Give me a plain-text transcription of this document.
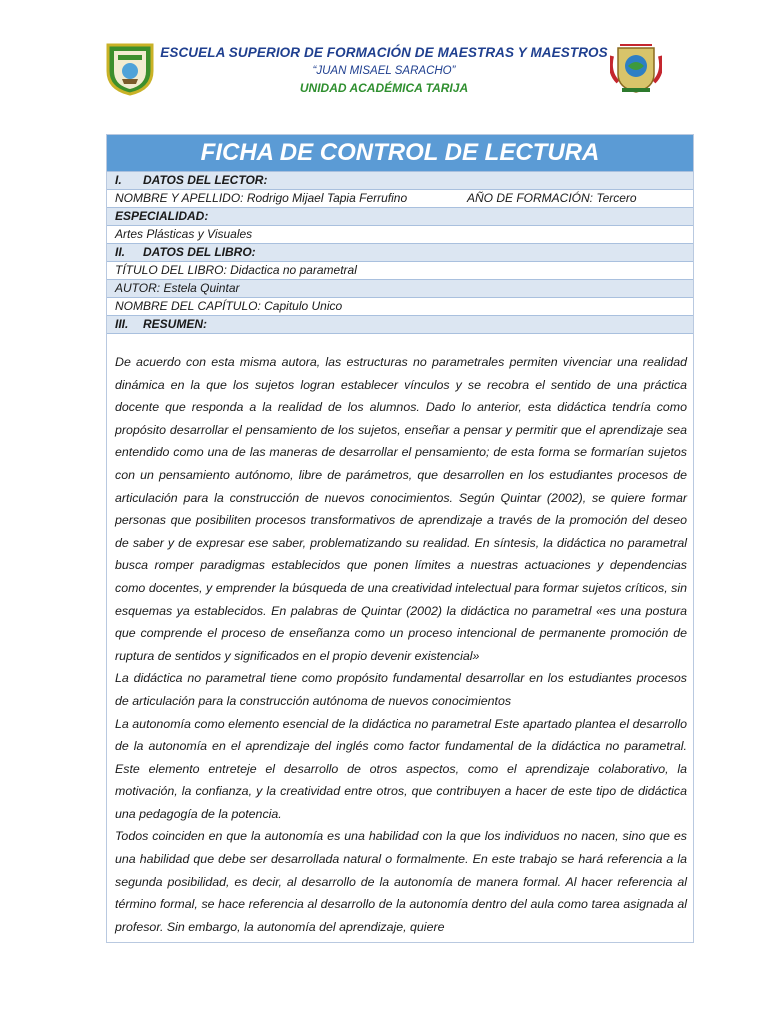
ESCUELA SUPERIOR DE FORMACIÓN DE MAESTRAS Y MAESTROS
“JUAN MISAEL SARACHO”
UNIDAD ACADÉMICA TARIJA
FICHA DE CONTROL DE LECTURA
I. DATOS DEL LECTOR:
NOMBRE Y APELLIDO: Rodrigo Mijael Tapia Ferrufino	AÑO DE FORMACIÓN: Tercero
ESPECIALIDAD:
Artes Plásticas y Visuales
II. DATOS DEL LIBRO:
TÍTULO DEL LIBRO: Didactica no parametral
AUTOR: Estela Quintar
NOMBRE DEL CAPÍTULO: Capitulo Unico
III. RESUMEN:

De acuerdo con esta misma autora, las estructuras no parametrales permiten vivenciar una realidad dinámica en la que los sujetos logran establecer vínculos y se recobra el sentido de una práctica docente que responda a la realidad de los alumnos. Dado lo anterior, esta didáctica tendría como propósito desarrollar el pensamiento de los sujetos, enseñar a pensar y permitir que el aprendizaje sea entendido como una de las maneras de desarrollar el pensamiento; de esta forma se formarían sujetos con un pensamiento autónomo, libre de parámetros, que desarrollen en los estudiantes procesos de articulación para la construcción de nuevos conocimientos. Según Quintar (2002), se quiere formar personas que posibiliten procesos transformativos de aprendizaje a través de la promoción del deseo de saber y de expresar ese saber, problematizando su realidad. En síntesis, la didáctica no parametral busca romper paradigmas establecidos que ponen límites a nuestras actuaciones y dependencias como docentes, y emprender la búsqueda de una creatividad intelectual para formar sujetos críticos, sin esquemas ya establecidos. En palabras de Quintar (2002) la didáctica no parametral «es una postura que comprende el proceso de enseñanza como un proceso intencional de permanente promoción de ruptura de sentidos y significados en el propio devenir existencial»

La didáctica no parametral tiene como propósito fundamental desarrollar en los estudiantes procesos de articulación para la construcción autónoma de nuevos conocimientos

La autonomía como elemento esencial de la didáctica no parametral Este apartado plantea el desarrollo de la autonomía en el aprendizaje del inglés como factor fundamental de la didáctica no parametral. Este elemento entreteje el desarrollo de otros aspectos, como el aprendizaje colaborativo, la motivación, la confianza, y la creatividad entre otros, que contribuyen a hacer de este tipo de didáctica una pedagogía de la potencia.

Todos coinciden en que la autonomía es una habilidad con la que los individuos no nacen, sino que es una habilidad que debe ser desarrollada natural o formalmente. En este trabajo se hará referencia a la segunda posibilidad, es decir, al desarrollo de la autonomía de manera formal. Al hacer referencia al término formal, se hace referencia al desarrollo de la autonomía dentro del aula como tarea asignada al profesor. Sin embargo, la autonomía del aprendizaje, quiere
